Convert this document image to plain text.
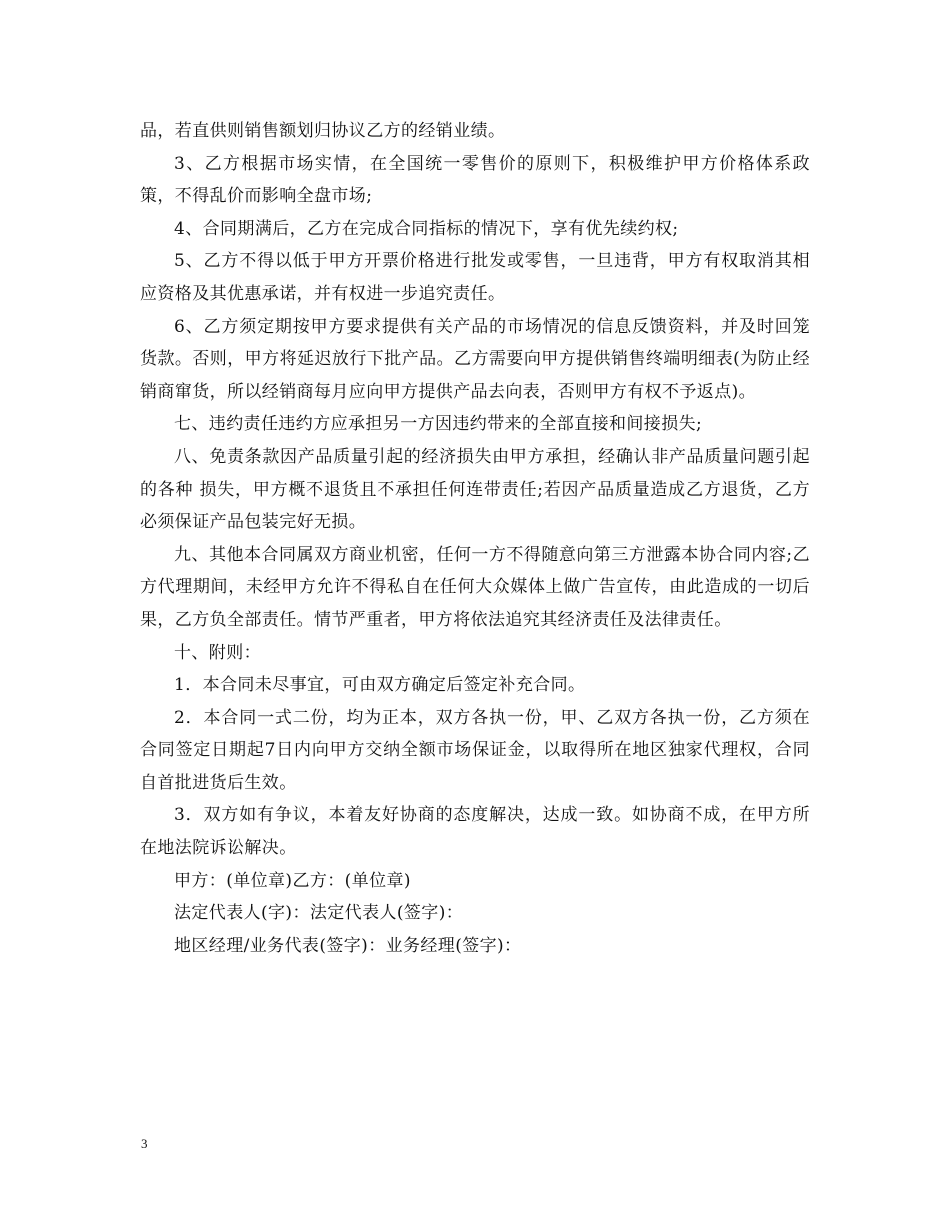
品，若直供则销售额划归协议乙方的经销业绩。

3、乙方根据市场实情，在全国统一零售价的原则下，积极维护甲方价格体系政策，不得乱价而影响全盘市场;

4、合同期满后，乙方在完成合同指标的情况下，享有优先续约权;

5、乙方不得以低于甲方开票价格进行批发或零售，一旦违背，甲方有权取消其相应资格及其优惠承诺，并有权进一步追究责任。

6、乙方须定期按甲方要求提供有关产品的市场情况的信息反馈资料，并及时回笼货款。否则，甲方将延迟放行下批产品。乙方需要向甲方提供销售终端明细表(为防止经销商窜货，所以经销商每月应向甲方提供产品去向表，否则甲方有权不予返点)。

七、违约责任违约方应承担另一方因违约带来的全部直接和间接损失;

八、免责条款因产品质量引起的经济损失由甲方承担，经确认非产品质量问题引起的各种 损失，甲方概不退货且不承担任何连带责任;若因产品质量造成乙方退货，乙方必须保证产品包装完好无损。

九、其他本合同属双方商业机密，任何一方不得随意向第三方泄露本协合同内容;乙方代理期间，未经甲方允许不得私自在任何大众媒体上做广告宣传，由此造成的一切后果，乙方负全部责任。情节严重者，甲方将依法追究其经济责任及法律责任。

十、附则：

1．本合同未尽事宜，可由双方确定后签定补充合同。

2．本合同一式二份，均为正本，双方各执一份，甲、乙双方各执一份，乙方须在合同签定日期起7日内向甲方交纳全额市场保证金，以取得所在地区独家代理权，合同自首批进货后生效。

3．双方如有争议，本着友好协商的态度解决，达成一致。如协商不成，在甲方所在地法院诉讼解决。

甲方：(单位章)乙方：(单位章)

法定代表人(字)：法定代表人(签字)：

地区经理/业务代表(签字)：业务经理(签字)：

3
